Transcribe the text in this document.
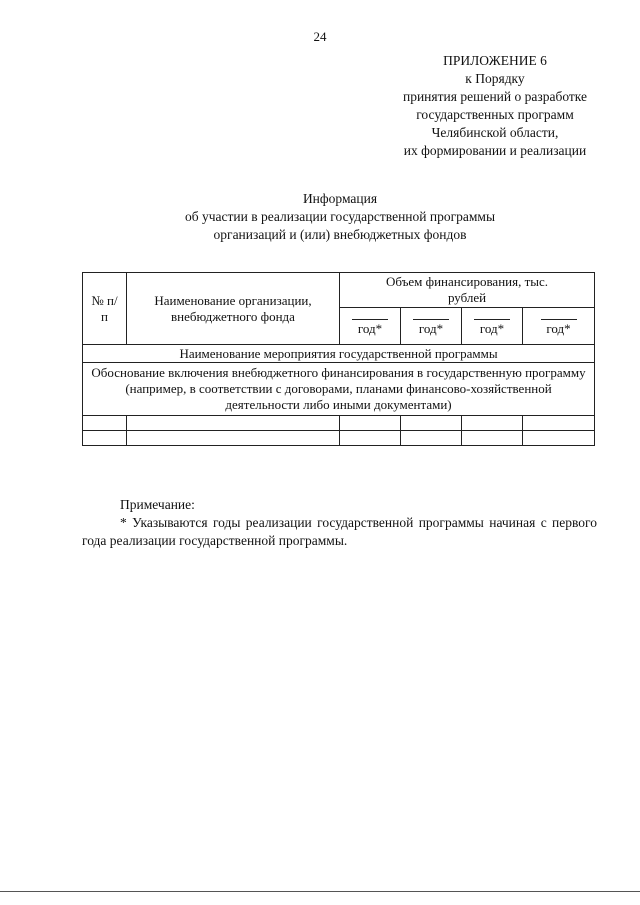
24
ПРИЛОЖЕНИЕ 6
к Порядку
принятия решений о разработке
государственных программ
Челябинской области,
их формировании и реализации
Информация
об участии в реализации государственной программы
организаций и (или) внебюджетных фондов
№ п/п	Наименование организации, внебюджетного фонда	Объем финансирования, тыс. рублей			

		год*	год*	год*	год*

Наименование мероприятия государственной программы					
Обоснование включения внебюджетного финансирования в государственную программу (например, в соответствии с договорами, планами финансово-хозяйственной деятельности либо иными документами)					

Примечание:
* Указываются годы реализации государственной программы начиная с первого года реализации государственной программы.
